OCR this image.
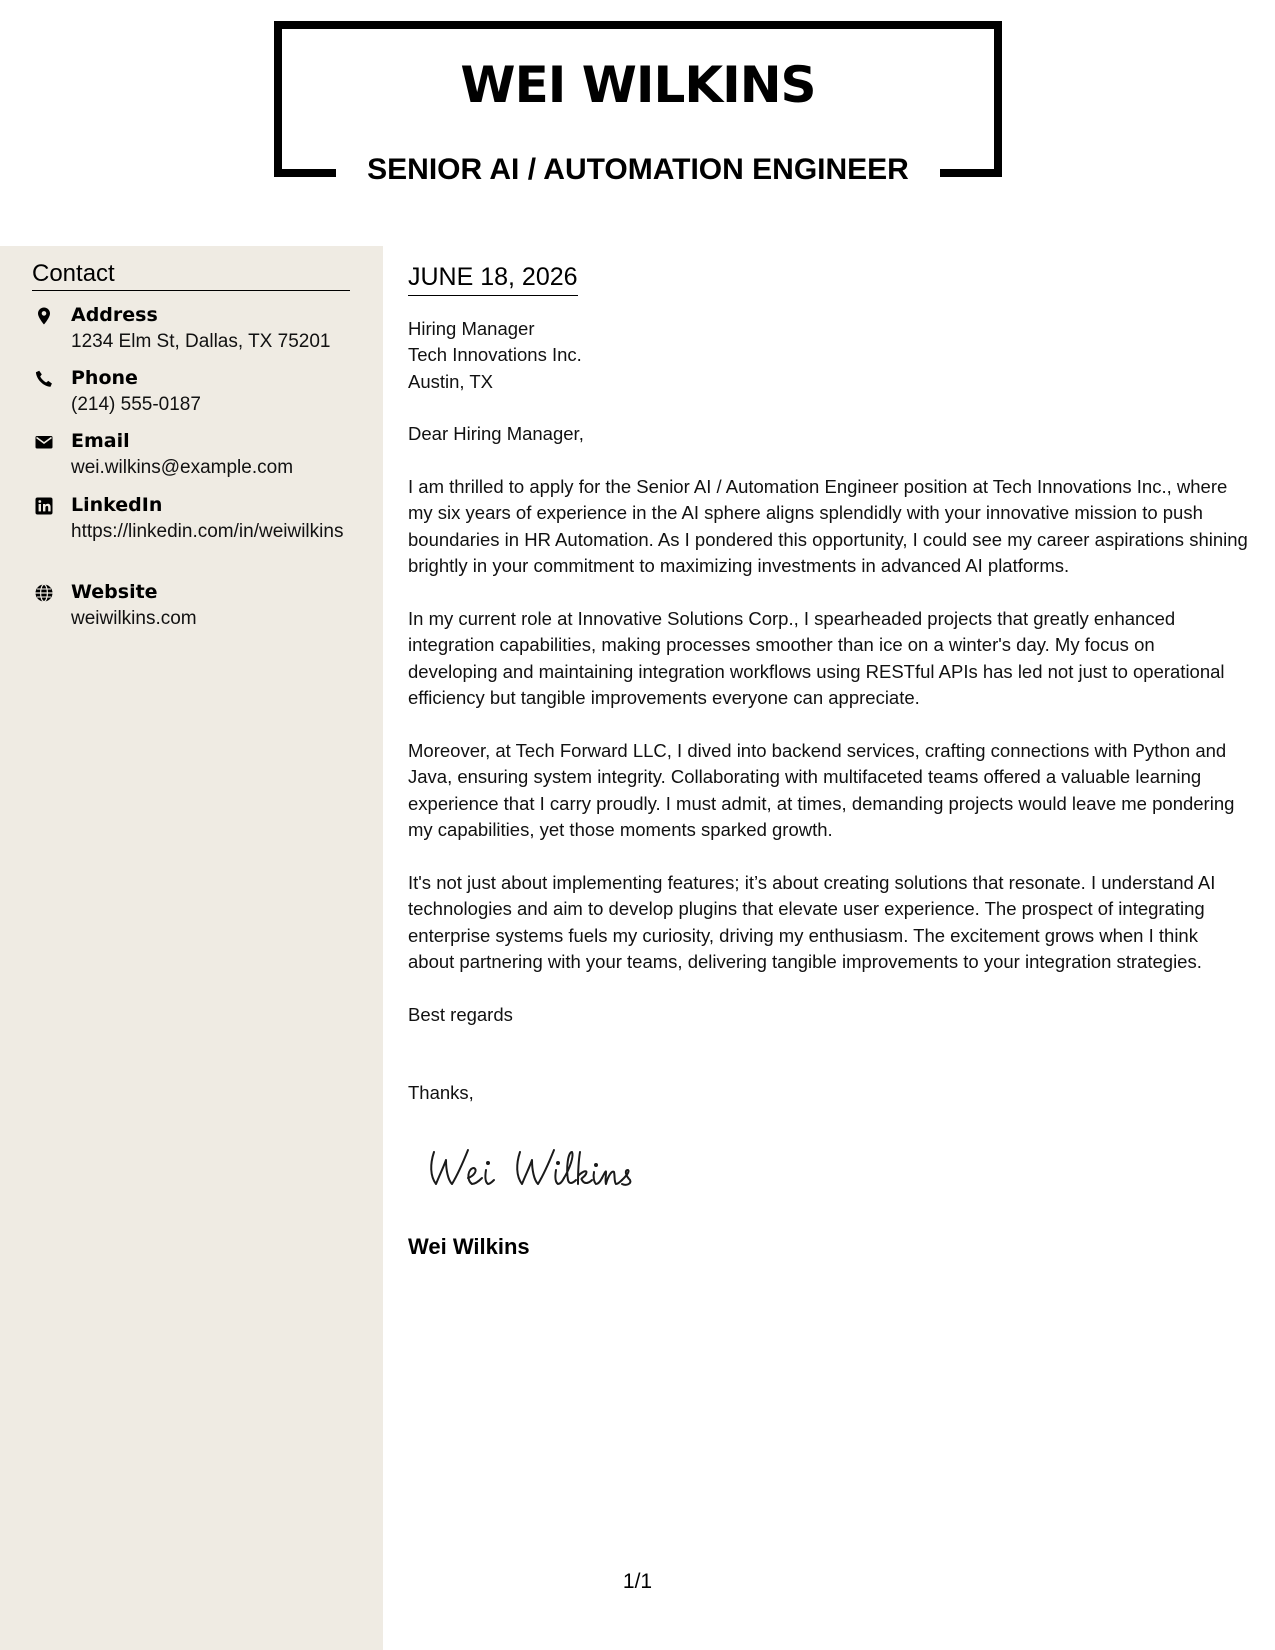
WEI WILKINS
SENIOR AI / AUTOMATION ENGINEER
Contact
Address
1234 Elm St, Dallas, TX 75201
Phone
(214) 555-0187
Email
wei.wilkins@example.com
LinkedIn
https://linkedin.com/in/weiwilkins
Website
weiwilkins.com
JUNE 18, 2026

Hiring Manager

Tech Innovations Inc.

Austin, TX

Dear Hiring Manager,

I am thrilled to apply for the Senior AI / Automation Engineer position at Tech Innovations Inc., where my six years of experience in the AI sphere aligns splendidly with your innovative mission to push boundaries in HR Automation. As I pondered this opportunity, I could see my career aspirations shining brightly in your commitment to maximizing investments in advanced AI platforms.

In my current role at Innovative Solutions Corp., I spearheaded projects that greatly enhanced integration capabilities, making processes smoother than ice on a winter's day. My focus on developing and maintaining integration workflows using RESTful APIs has led not just to operational efficiency but tangible improvements everyone can appreciate.

Moreover, at Tech Forward LLC, I dived into backend services, crafting connections with Python and Java, ensuring system integrity. Collaborating with multifaceted teams offered a valuable learning experience that I carry proudly. I must admit, at times, demanding projects would leave me pondering my capabilities, yet those moments sparked growth.

It's not just about implementing features; it’s about creating solutions that resonate. I understand AI technologies and aim to develop plugins that elevate user experience. The prospect of integrating enterprise systems fuels my curiosity, driving my enthusiasm. The excitement grows when I think about partnering with your teams, delivering tangible improvements to your integration strategies.

Best regards

Thanks,

Wei Wilkins

1/1
